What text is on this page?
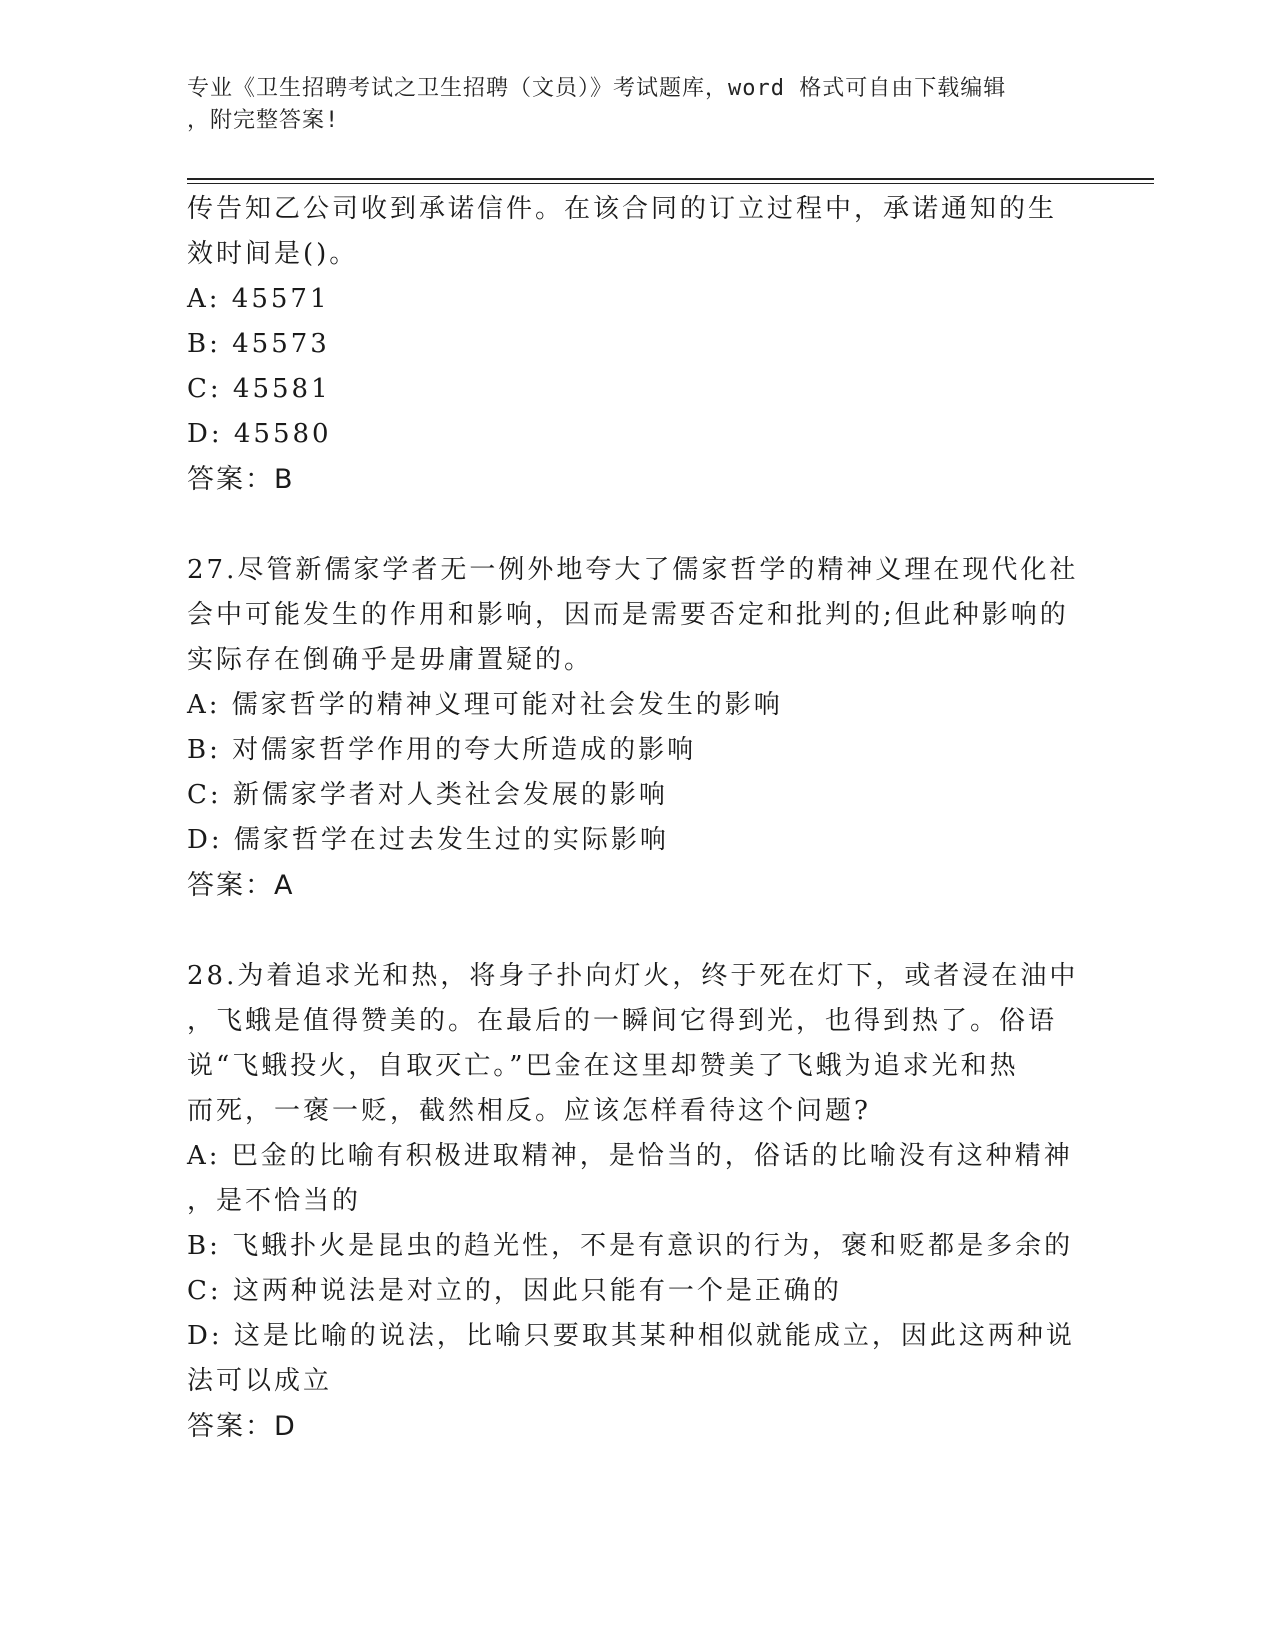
专业《卫生招聘考试之卫生招聘（文员）》考试题库，word 格式可自由下载编辑
，附完整答案!
传告知乙公司收到承诺信件。在该合同的订立过程中，承诺通知的生
效时间是()。
A: 45571
B: 45573
C: 45581
D: 45580
答案：B
27.尽管新儒家学者无一例外地夸大了儒家哲学的精神义理在现代化社
会中可能发生的作用和影响，因而是需要否定和批判的;但此种影响的
实际存在倒确乎是毋庸置疑的。
A: 儒家哲学的精神义理可能对社会发生的影响
B: 对儒家哲学作用的夸大所造成的影响
C: 新儒家学者对人类社会发展的影响
D: 儒家哲学在过去发生过的实际影响
答案：A
28.为着追求光和热，将身子扑向灯火，终于死在灯下，或者浸在油中
，飞蛾是值得赞美的。在最后的一瞬间它得到光，也得到热了。俗语
说“飞蛾投火，自取灭亡。”巴金在这里却赞美了飞蛾为追求光和热
而死，一褒一贬，截然相反。应该怎样看待这个问题?
A: 巴金的比喻有积极进取精神，是恰当的，俗话的比喻没有这种精神
，是不恰当的
B: 飞蛾扑火是昆虫的趋光性，不是有意识的行为，褒和贬都是多余的
C: 这两种说法是对立的，因此只能有一个是正确的
D: 这是比喻的说法，比喻只要取其某种相似就能成立，因此这两种说
法可以成立
答案：D
